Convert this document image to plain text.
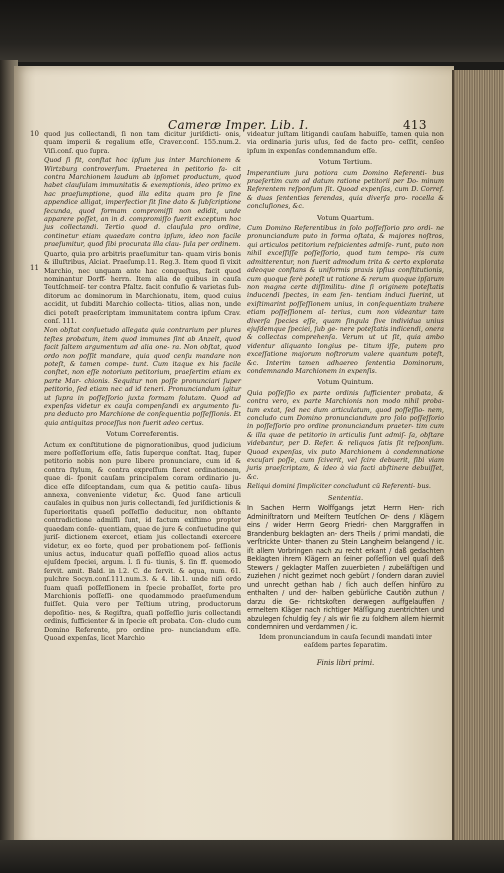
Cameræ Imper. Lib. I.	413
10
11

quod jus collectandi, ſi non tam dicitur juriſdicti- onis, quam imperii & regalium eſſe, Craver.conſ. 155.num.2. Viſi.conſ. quo ſupra.

Quod ſi fit, conſtat hoc ipſum jus inter Marchionem & Wirtzburg controverſum. Praeterea in petitorio fa- cit contra Marchionem laudum ab ipſomet productum, quod habet clauſulam immunitatis & exemptionis, ideo primo ex hac praeſumptione, quod illa edita quam pro ſe ſine appendice alligat, imperfectior ſit ſine dato & ſubſcriptione ſecunda, quod formam compromiſſi non edidit, unde apparere poſſet, an in d. compromiſſo fuerit exceptum hoc jus collectandi. Tertio quod d. clauſula pro ordine, continetur etiam quaedam contra ipſum, ideo non facile praeſumitur, quod ſibi procurata illa clau- ſula per ordinem.

Quarto, quia pro arbitris praeſumitur tan- quam viris bonis & illuſtribus, Alciat. Praeſump.11. Reg.3. Item quod ſi vixit Marchio, nec unquam ante hac conqueſtus, facit quod nominantur Dorff- herrn. Item alia de quibus in cauſa Teutſchmeiſ- ter contra Pfaltz. facit confuſio & varietas ſub- ditorum ac dominorum in Marchionatu, item, quod cuius accidit, ut ſubditi Marchio collecta- titios, alias non, unde dici poteſt praeſcriptam immunitatem contra ipſum Crav. conſ. 111.

Non obſtat conſuetudo allegata quia contrarium per plures teſtes probatum, item quod immunes ſint ab Anzelt, quod facit ſaltem argumentum ad alia one- ra. Non obſtat, quod ordo non poſſit mandare, quia quod cenſu mandare non poteſt, & tamen compe- tunt. Cum itaque ex his facile conſtet, non eſſe notorium petitorium, praeſertim etiam ex parte Mar- chionis. Sequitur non poſſe pronunciari ſuper petitorio, ſed etiam nec ad id teneri. Pronunciandum igitur ut ſupra in poſſeſſorio juxta formam ſolutam. Quod ad expenſas videtur ex cauſa compenſandi ex argumento fu- pra deducto pro Marchione de conſequentia poſſeſſionis. Et quia antiquitas proceſſus non fuerit adeo certus.

Votum Correferentis.

Actum ex conſtitutione de pignorationibus, quod judicium mere poſſeſſorium eſſe, ſatis ſuperque conſtat. Itaq, ſuper petitorio nobis non pure libere pronunciare, cum id & contra ſtylum, & contra expreſſum ſieret ordinationem, quae di- ſponit cauſam principalem coram ordinario ju- dice eſſe diſceptandam, cum qua & petitio cauſa- libus annexa, conveniente videtur, &c. Quod ſane articuli cauſales in quibus non juris collectandi, ſed juriſdictionis & ſuperioritatis quaeſi poſſeſſio deducitur, non obſtante contradictione admiſſi ſunt, id factum exiſtimo propter quaedam conſe- quentiam, quae de jure & conſuetudine qui juriſ- dictionem exercet, etiam jus collectandi exercere videtur, ex eo forte, quod per probationem poſ- ſeſſionis unius actus, inducatur quaſi poſſeſſio quoad alios actus ejuſdem ſpeciei, argum. l. ſi fu- tiunis, §. ſin ff. quemodo ſervit. amit. Bald. in l.2. C. de ſervit. & aqua, num. 61. pulchre Socyn.conſ.111.num.3. & 4. lib.1. unde niſi ordo ſuam quaſi poſſeſſionem in ſpecie probaſſet, forte pro Marchionis poſſeſſi- one quodammodo praeſumendum fuiſſet. Quia vero per Teſtium utring, productorum depoſitio- nes, & Regiſtra, quaſi poſſeſſio juris collectandi ordinis, ſufficienter & in ſpecie eſt probata. Con- cludo cum Domino Referente, pro ordine pro- nunciandum eſſe. Quoad expenſas, licet Marchio

videatur juſtam litigandi cauſam habuiſſe, tamen quia non via ordinaria juris uſus, ſed de facto pro- ceſſit, cenſeo ipſum in expenſas condemnandum eſſe.

Votum Tertium.

Imperantium jura potiora cum Domino Referenti- bus praeſertim cum ad datum ratione petitorii per Do- minum Referentem reſponſum ſit. Quoad expenſas, cum D. Corref. & duas ſententias ferendas, quia diverſa pro- rocella & concluſiones, &c.

Votum Quartum.

Cum Domino Referentibus in ſolo poſſeſſorio pro ordi- ne pronunciandum puto in forma oſtata, & majores noſtros, qui articulos petitorium reſpicientes admiſe- runt, puto non nihil exceſſiſſe poſſeſſorio, quod tum tempo- ris cum admitterentur, non fuerit admodum trita & certo explorata adeoque conſtans & uniformis praxis ipſius conſtitutionis, cum quoque ferè poteſt ut ratione & rerum quoque ipſarum non magna certe diſſimilitu- dine ſi originem poteſtatis inducendi ſpectes, in eam ſen- tentiam induci fuerint, ut exiſtimarint poſſeſſionem unius, in conſequentiam trahere etiam poſſeſſionem al- terius, cum non videantur tam diverſa ſpecies eſſe, quam ſingula ſive individua unius ejuſdemque ſpeciei, ſub ge- nere poteſtatis indicendi, onera & collectas comprehenſa. Verum ut ut ſit, quia ambo videntur aliquanto longius pe- titum iſſe, putem pro exceſſatione majorum noſtrorum valere quantum poteſt, &c. Interim tamen adhaereo ſententia Dominorum, condemnando Marchionem in expenſis.

Votum Quintum.

Quia poſſeſſio ex parte ordinis ſufficienter probata, & contra vero, ex parte Marchionis non modo nihil proba- tum extat, ſed nec dum articulatum, quod poſſeſſio- nem, concludo cum Domino pronunciandum pro ſolo poſſeſſorio in poſſeſſorio pro ordine pronunciandum praeter- tim cum & illa quae de petitorio in articulis ſunt admiſ- ſa, obſtare videbantur, per D. Refer. & reliquos ſatis ſit reſponſum. Quoad expenſas, vix puto Marchionem à condemnatione excuſari poſſe, cum ſciverit, vel ſcire debuerit, ſibi viam juris praeſcriptam, & ideo à via facti abſtinere debuiſſet, &c.

Reliqui domini ſimpliciter concludunt cū Referenti- bus.

Sententia.

In Sachen Herrn Wolffgangs jetzt Herrn Hen- rich Adminiſtratorn und Meiſtern Teutſchen Or- dens / Klägern eins / wider Herrn Georg Friedri- chen Marggraffen in Brandenburg beklagten an- ders Theils / primi mandati, die verſtrickte Unter- thanen zu Stein Langheim belangend / ic. iſt allem Vorbringen nach zu recht erkant / daß gedachten Beklagten ihrem Klägern an ſeiner poſſeſſion vel quaſi deß Stewers / geklagter Maſſen zuuerbieten / zubeläſtigen und zuziehen / nicht gezimet noch gebürt / ſondern daran zuviel und unrecht gethan hab / ſich auch deſſen hinfüro zu enthalten / und der- halben gebürliche Cautiõn zuthun / darzu die Ge- richtskoſten derwegen auffgelauffen / ermeltem Kläger nach richtiger Mäſſigung zuentrichten und abzulegen ſchuldig ſey / als wir ſie zu ſoldhem allem hiermit condemniren und verdammen / ic.

Idem pronunciandum in cauſa ſecundi mandati inter eaſdem partes ſeparatim.

Finis libri primi.
